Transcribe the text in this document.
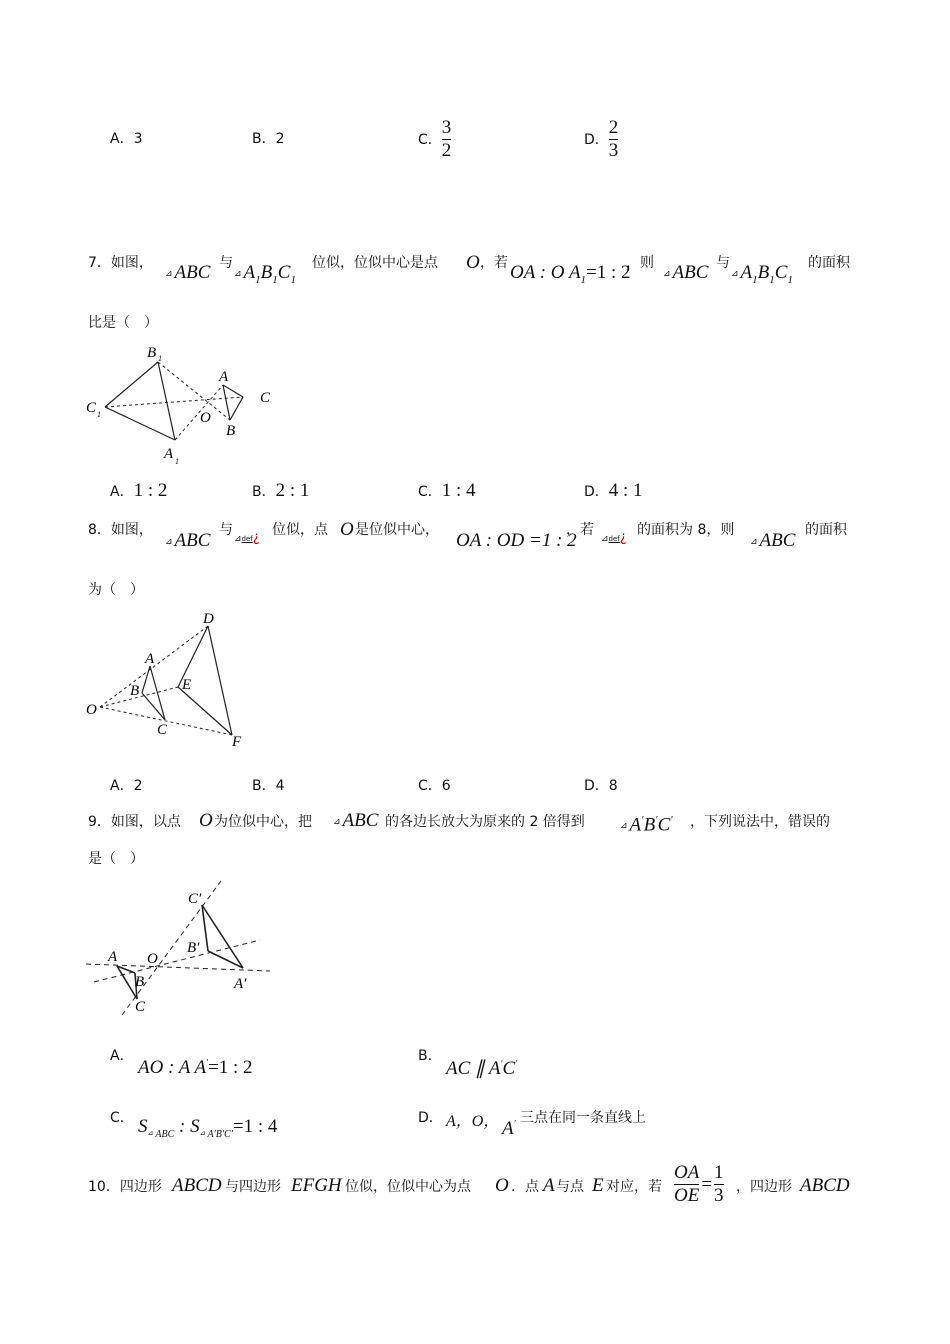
A．3	B．2	C． $\frac{3}{2}$	D． $\frac{2}{3}$
7．如图，
⊿ ABC 与
⊿ $A_1B_1C_1$
位似，位似中心是点 O ，若 OA : O $A_1=1$ : 2
，则
⊿ ABC 与
⊿ $A_1B_1C_1$
的面积
比是（　）
B 1
C 1
A 1
O
A
C
B
A．1 : 2	B．2 : 1	C．1 : 4	D．4 : 1
8．如图，
⊿ ABC 与
⊿def¿ 位似，点 O 是位似中心， OA : OD =1 : 2
，若
⊿def¿ 的面积为 8，则
⊿ ABC 的面积
为（　）
D
A
B	E
O
C
F
A．2	B．4	C．6	D．8
9．如图，以点 O 为位似中心，把 ⊿ ABC 的各边长放大为原来的 2 倍得到	⊿ A′B′C′ ，下列说法中，错误的
是（　）
C′
B′
A′
A O
B
C
A．
AO : A A′=1 : 2
B．
AC ∥ A′C′
C． $S_{^⊿ ABC}$ : $S_{^⊿ A'B'C'}=1$ : 4	D． A，O， A′ 三点在同一条直线上
10．四边形 ABCD 与四边形 EFGH 位似，位似中心为点 O ．点 A 与点 E 对应，若 $\frac{OA}{OE} = \frac{1}{3}$ ，四边形 ABCD
